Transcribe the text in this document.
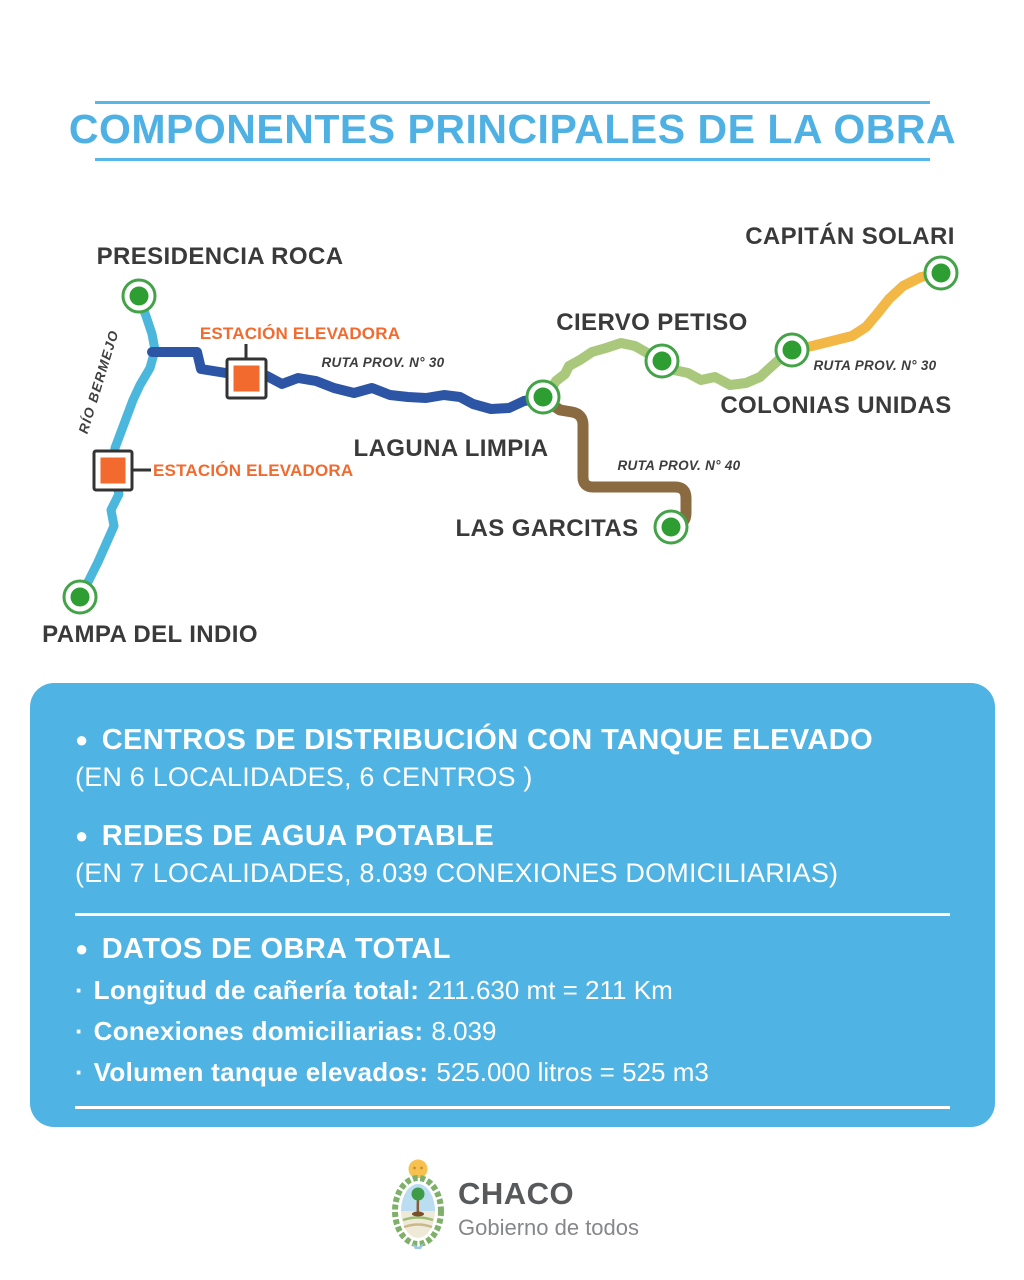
COMPONENTES PRINCIPALES DE LA OBRA
PRESIDENCIA ROCA
CAPITÁN SOLARI
CIERVO PETISO
COLONIAS UNIDAS
LAGUNA LIMPIA
LAS GARCITAS
PAMPA DEL INDIO
ESTACIÓN ELEVADORA
ESTACIÓN ELEVADORA
RUTA PROV. N° 30	RUTA PROV. N° 30
RUTA PROV. N° 40
RÍO BERMEJO

● CENTROS DE DISTRIBUCIÓN CON TANQUE ELEVADO

(EN 6 LOCALIDADES, 6 CENTROS )

● REDES DE AGUA POTABLE

(EN 7 LOCALIDADES, 8.039 CONEXIONES DOMICILIARIAS)

● DATOS DE OBRA TOTAL

· Longitud de cañería total: 211.630 mt = 211 Km

· Conexiones domiciliarias: 8.039

· Volumen tanque elevados: 525.000 litros = 525 m3

CHACO
Gobierno de todos
